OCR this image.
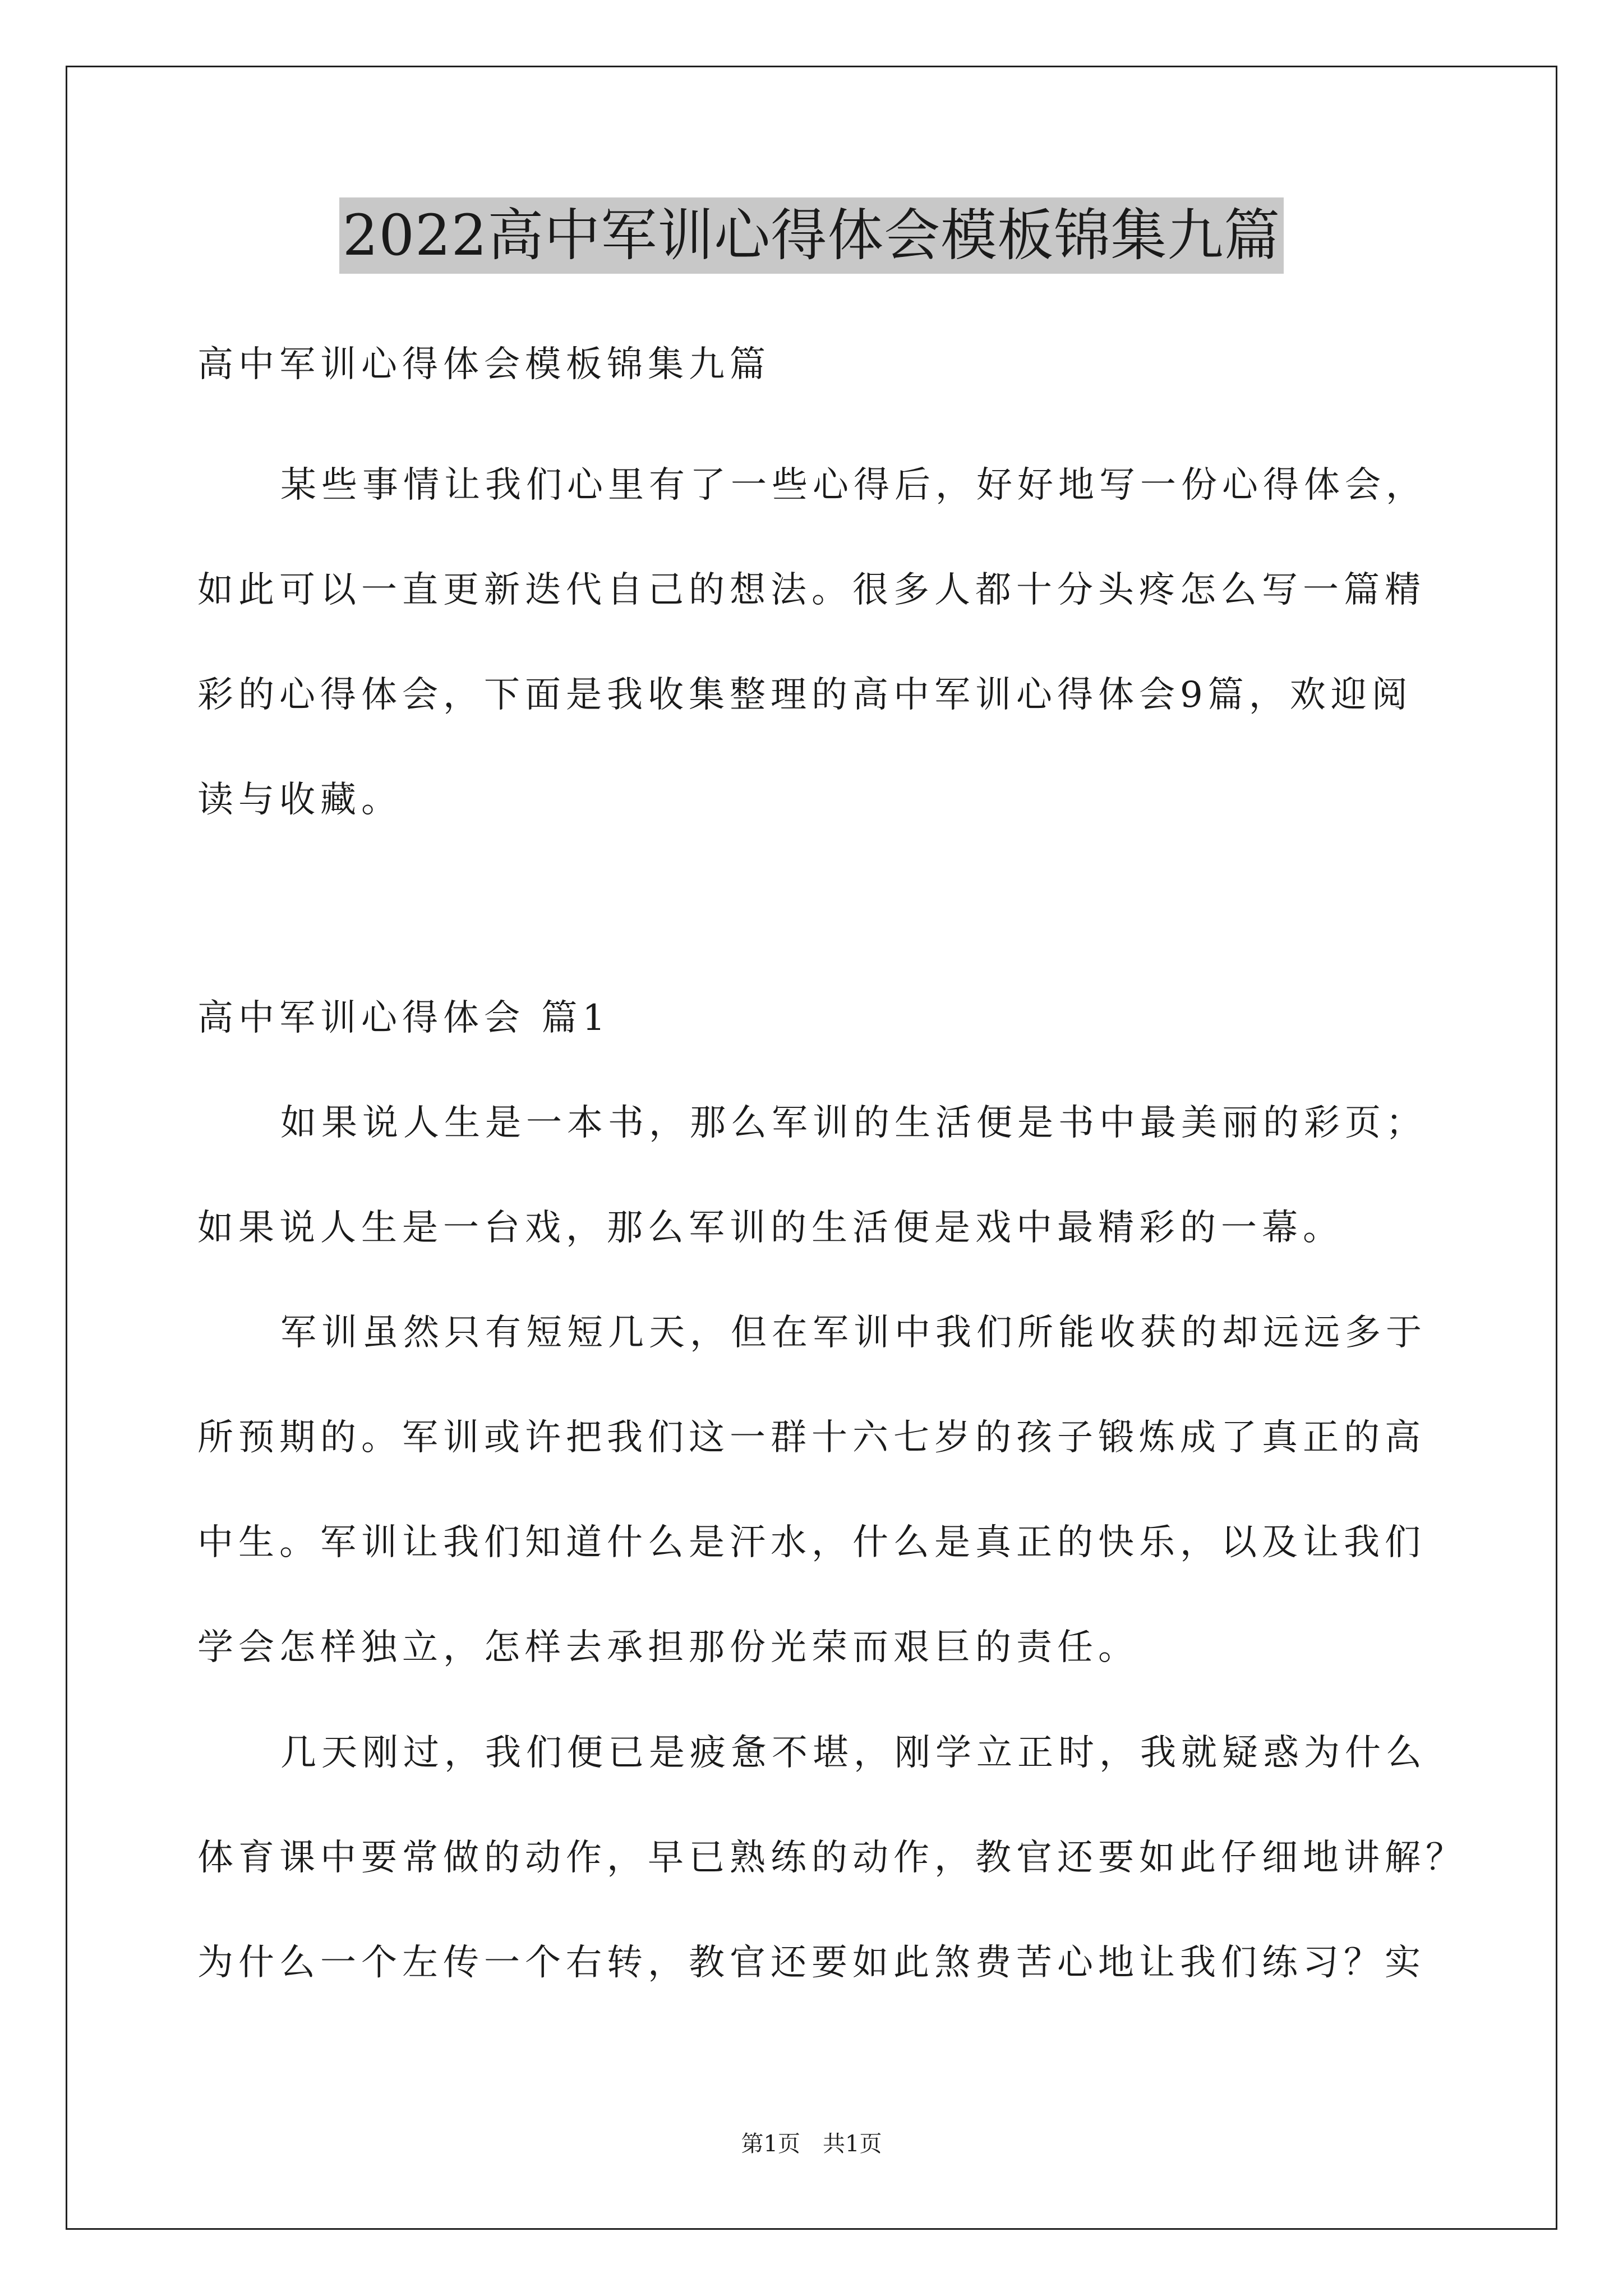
2022高中军训心得体会模板锦集九篇
高中军训心得体会模板锦集九篇
某些事情让我们心里有了一些心得后，好好地写一份心得体会，
如此可以一直更新迭代自己的想法。很多人都十分头疼怎么写一篇精
彩的心得体会，下面是我收集整理的高中军训心得体会9篇，欢迎阅
读与收藏。
高中军训心得体会 篇1
如果说人生是一本书，那么军训的生活便是书中最美丽的彩页；
如果说人生是一台戏，那么军训的生活便是戏中最精彩的一幕。
军训虽然只有短短几天，但在军训中我们所能收获的却远远多于
所预期的。军训或许把我们这一群十六七岁的孩子锻炼成了真正的高
中生。军训让我们知道什么是汗水，什么是真正的快乐，以及让我们
学会怎样独立，怎样去承担那份光荣而艰巨的责任。
几天刚过，我们便已是疲惫不堪，刚学立正时，我就疑惑为什么
体育课中要常做的动作，早已熟练的动作，教官还要如此仔细地讲解？
为什么一个左传一个右转，教官还要如此煞费苦心地让我们练习？实
第1页　共1页
